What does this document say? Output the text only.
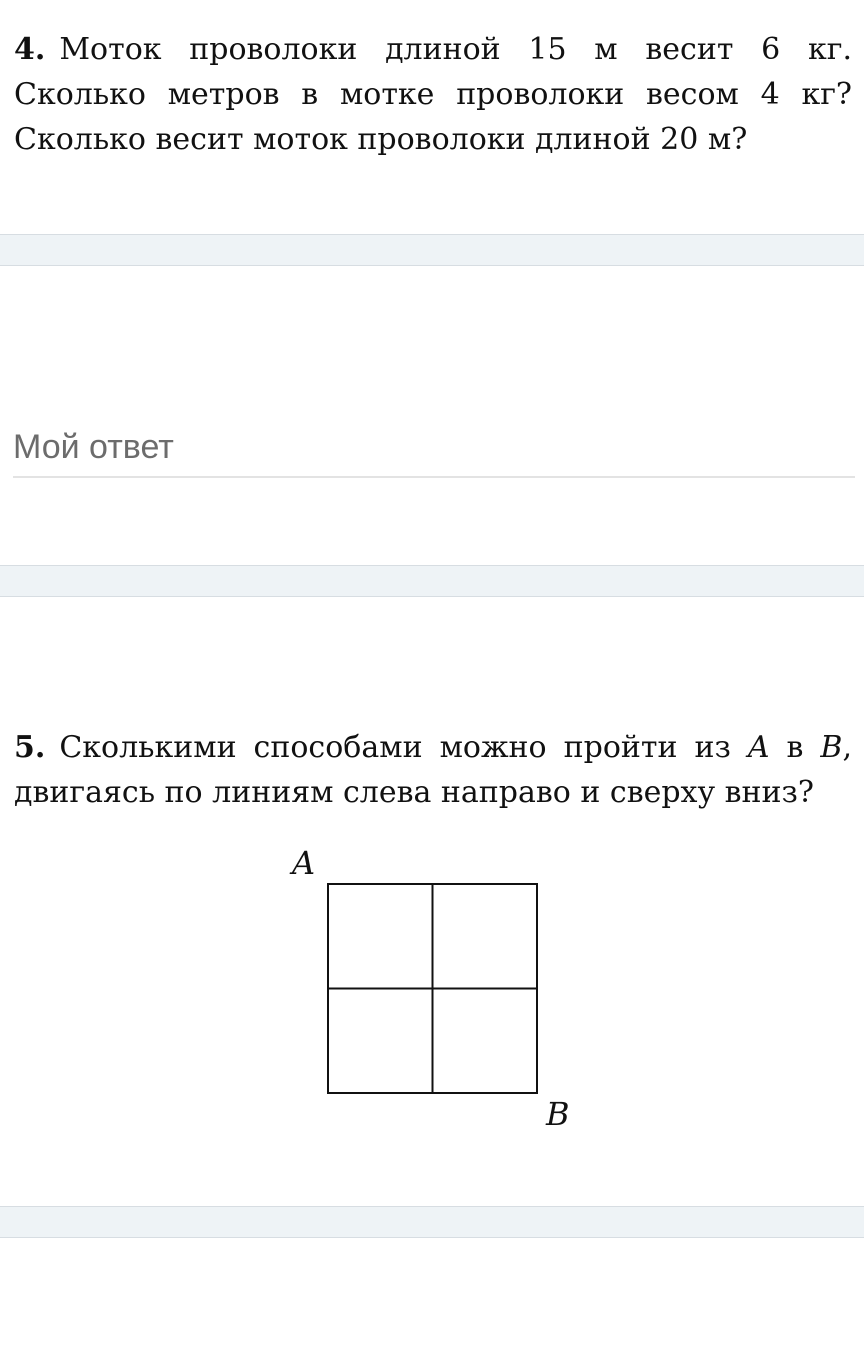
4. Моток проволоки длиной 15 м весит 6 кг. Сколько метров в мотке проволоки весом 4 кг? Сколько весит моток проволоки длиной 20 м?

Мой ответ

5. Сколькими способами можно пройти из A в B, двигаясь по линиям слева направо и сверху вниз?

A
B
